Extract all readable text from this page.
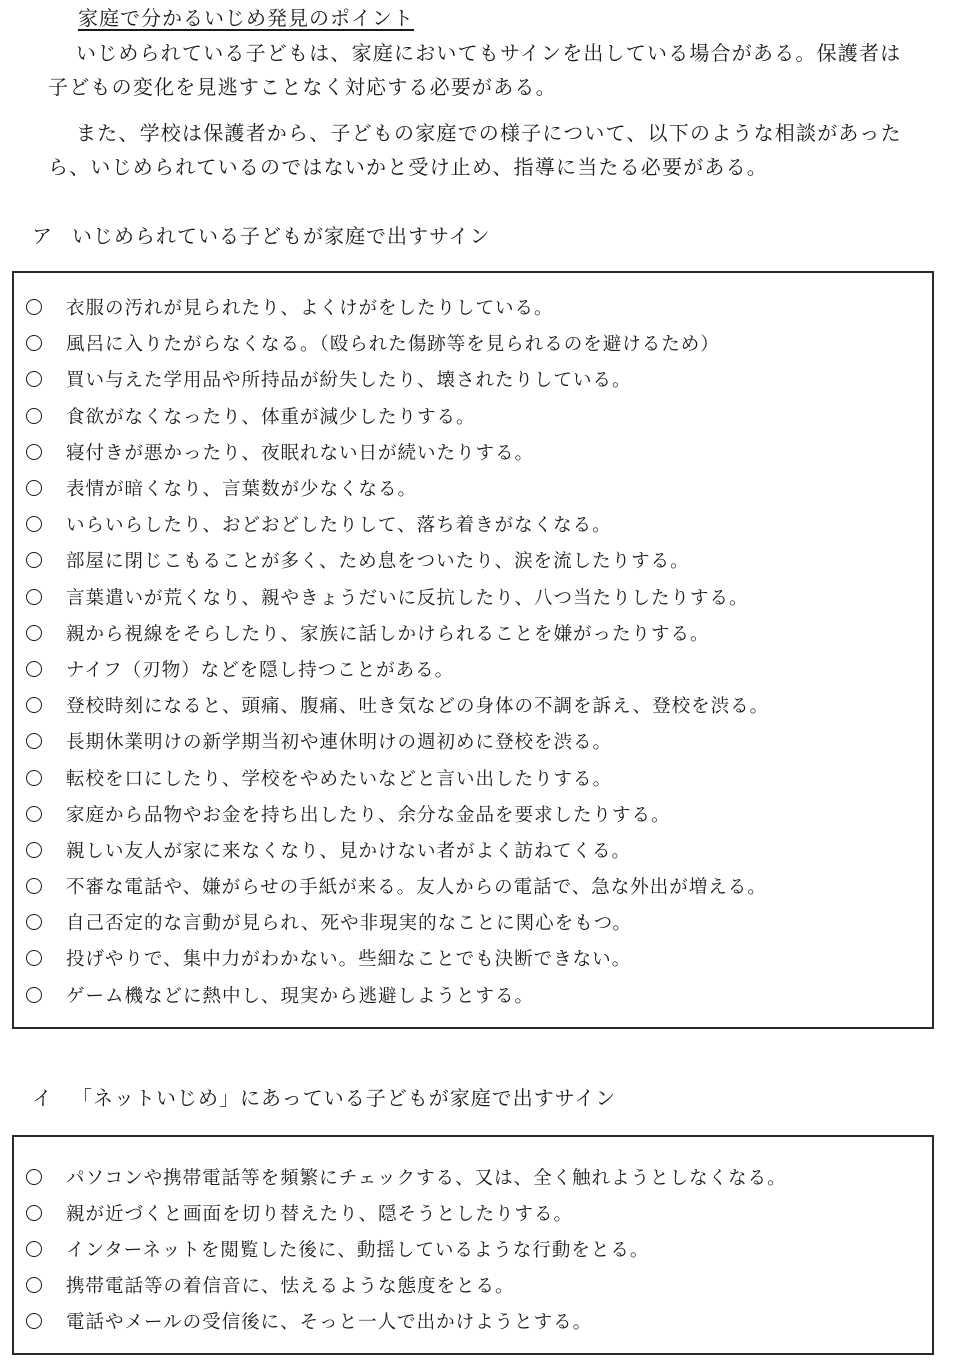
家庭で分かるいじめ発見のポイント

いじめられている子どもは、家庭においてもサインを出している場合がある。保護者は子どもの変化を見逃すことなく対応する必要がある。

また、学校は保護者から、子どもの家庭での様子について、以下のような相談があったら、いじめられているのではないかと受け止め、指導に当たる必要がある。

ア いじめられている子どもが家庭で出すサイン
衣服の汚れが見られたり、よくけがをしたりしている。
風呂に入りたがらなくなる。（殴られた傷跡等を見られるのを避けるため）
買い与えた学用品や所持品が紛失したり、壊されたりしている。
食欲がなくなったり、体重が減少したりする。
寝付きが悪かったり、夜眠れない日が続いたりする。
表情が暗くなり、言葉数が少なくなる。
いらいらしたり、おどおどしたりして、落ち着きがなくなる。
部屋に閉じこもることが多く、ため息をついたり、涙を流したりする。
言葉遣いが荒くなり、親やきょうだいに反抗したり、八つ当たりしたりする。
親から視線をそらしたり、家族に話しかけられることを嫌がったりする。
ナイフ（刃物）などを隠し持つことがある。
登校時刻になると、頭痛、腹痛、吐き気などの身体の不調を訴え、登校を渋る。
長期休業明けの新学期当初や連休明けの週初めに登校を渋る。
転校を口にしたり、学校をやめたいなどと言い出したりする。
家庭から品物やお金を持ち出したり、余分な金品を要求したりする。
親しい友人が家に来なくなり、見かけない者がよく訪ねてくる。
不審な電話や、嫌がらせの手紙が来る。友人からの電話で、急な外出が増える。
自己否定的な言動が見られ、死や非現実的なことに関心をもつ。
投げやりで、集中力がわかない。些細なことでも決断できない。
ゲーム機などに熱中し、現実から逃避しようとする。
イ 「ネットいじめ」にあっている子どもが家庭で出すサイン
パソコンや携帯電話等を頻繁にチェックする、又は、全く触れようとしなくなる。
親が近づくと画面を切り替えたり、隠そうとしたりする。
インターネットを閲覧した後に、動揺しているような行動をとる。
携帯電話等の着信音に、怯えるような態度をとる。
電話やメールの受信後に、そっと一人で出かけようとする。
